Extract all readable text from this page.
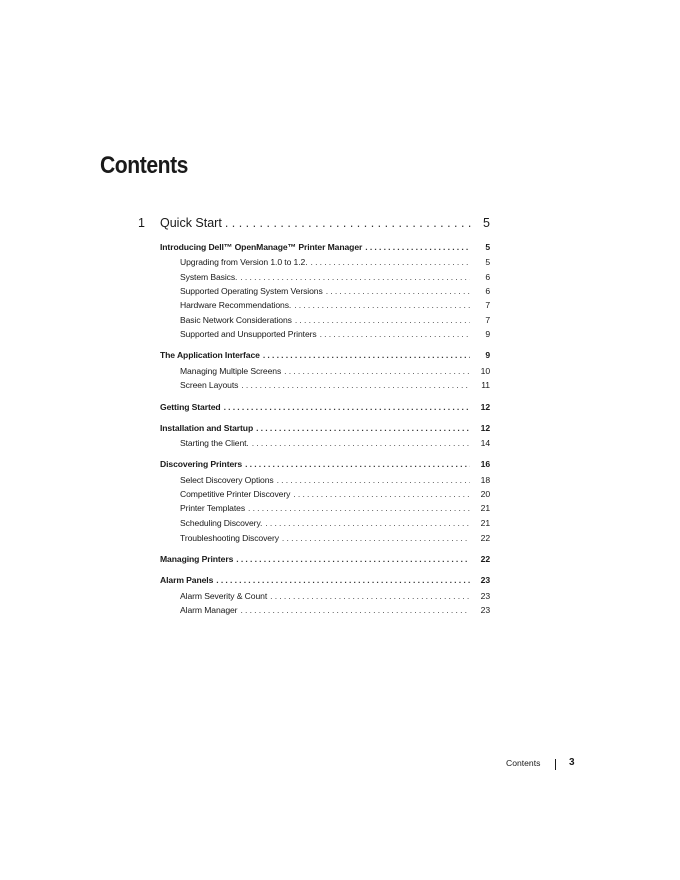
Contents
1 Quick Start . . .	5
Introducing Dell™ OpenManage™ Printer Manager . . .	5
Upgrading from Version 1.0 to 1.2. . . .	5
System Basics. . . .	6
Supported Operating System Versions . . .	6
Hardware Recommendations. . . .	7
Basic Network Considerations . . .	7
Supported and Unsupported Printers . . .	9
The Application Interface . . .	9
Managing Multiple Screens . . .	10
Screen Layouts . . .	11
Getting Started . . .	12
Installation and Startup . . .	12
Starting the Client. . . .	14
Discovering Printers . . .	16
Select Discovery Options . . .	18
Competitive Printer Discovery . . .	20
Printer Templates . . .	21
Scheduling Discovery. . . .	21
Troubleshooting Discovery . . .	22
Managing Printers . . .	22
Alarm Panels . . .	23
Alarm Severity & Count . . .	23
Alarm Manager . . .	23
Contents	3
